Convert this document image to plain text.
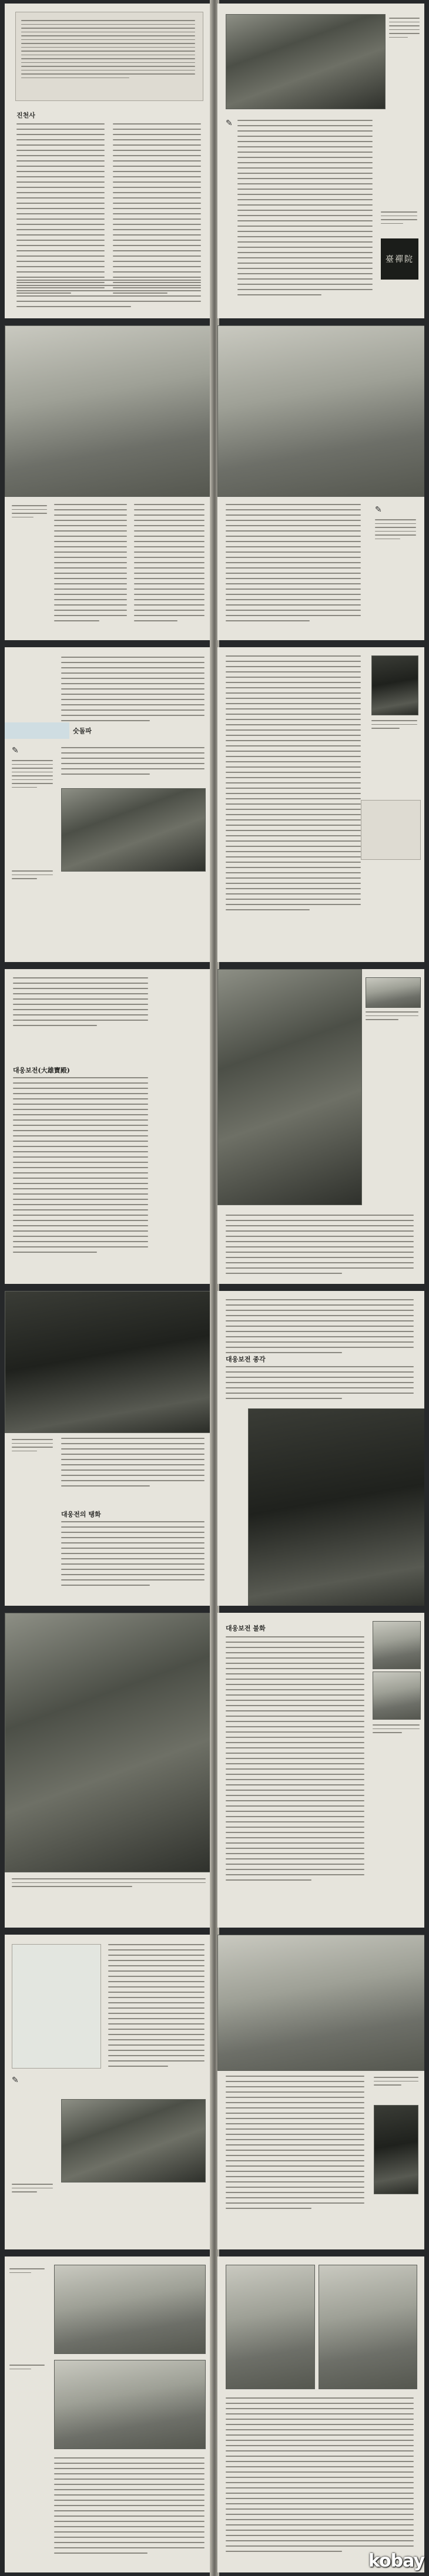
진천사
✎
臺禪院
✎
숫돌파
✎
대웅보전(大雄寶殿)
대웅전의 탱화
대웅보전 종각
대웅보전 불화
✎
kobay
